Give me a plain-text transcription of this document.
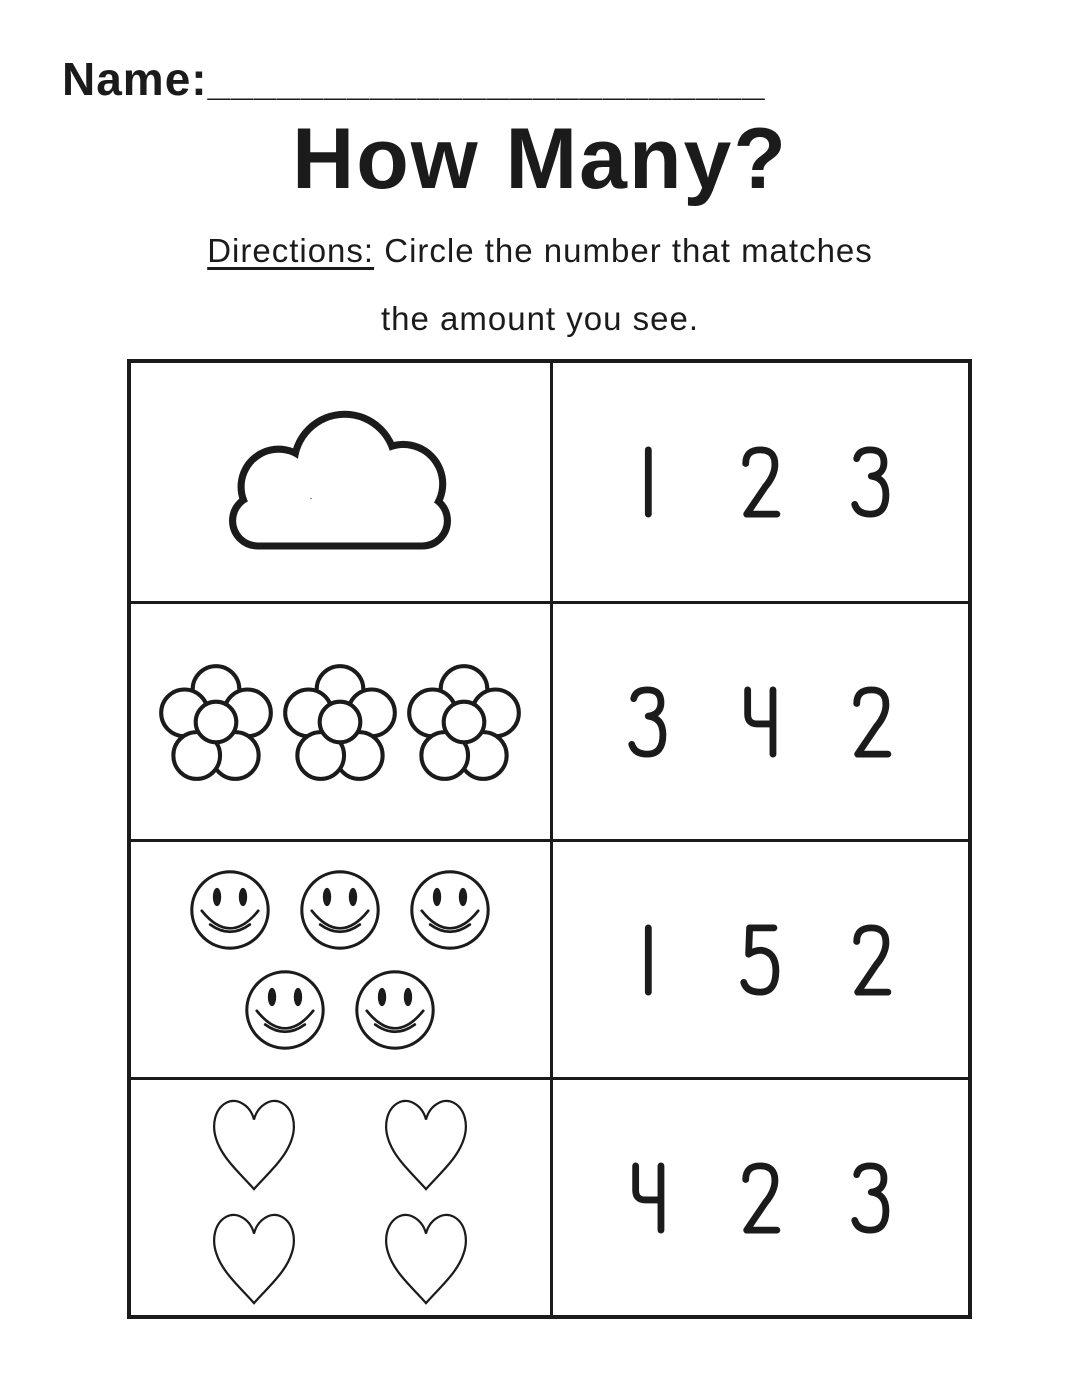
Name:________________________
How Many?
Directions: Circle the number that matches
the amount you see.
